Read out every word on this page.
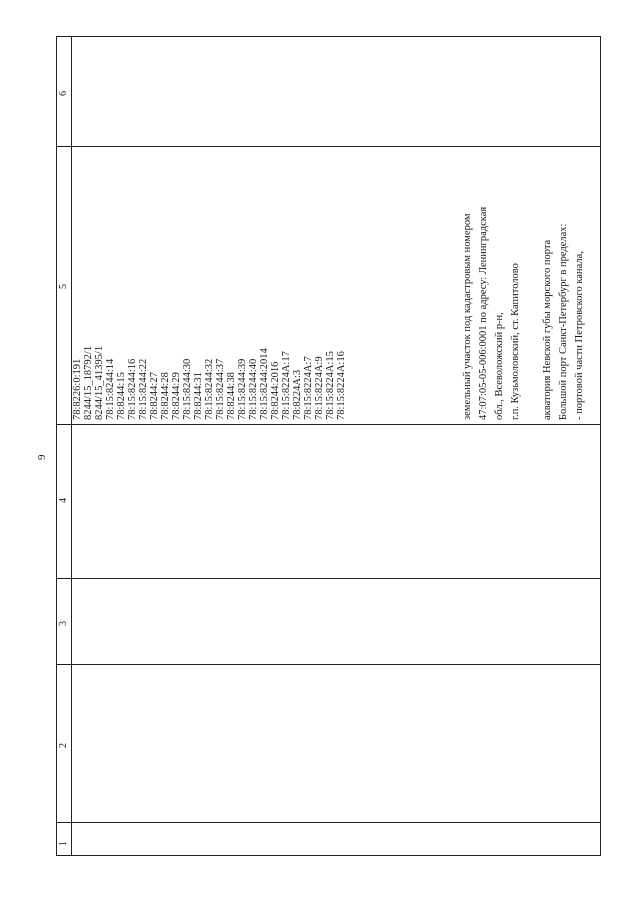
9
6
5
4
3
2
1
78:8226:0:191 8244/15_18792/1 8244/15_41395/1 78:15:8244:14 78:8244:15 78:15:8244:16 78:15:8244:22 78:8244:27 78:8244:28 78:8244:29 78:15:8244:30 78:8244:31 78:15:8244:32 78:15:8244:37 78:8244:38 78:15:8244:39 78:15:8244:40 78:15:8244:2014 78:8244:2016 78:15:8224А:17 78:8224А:3 78:15:8224А:7 78:15:8224А:9 78:15:8224А:15 78:15:8224А:16	земельный участок под кадастровым номером 47:07:05-05-006:0001 по адресу: Ленинградская обл., Всеволожский р-н, г.п. Кузьмоловский, ст. Капитолово акватория Невской губы морского порта Большой порт Санкт-Петербург в пределах: - портовой части Петровского канала,
